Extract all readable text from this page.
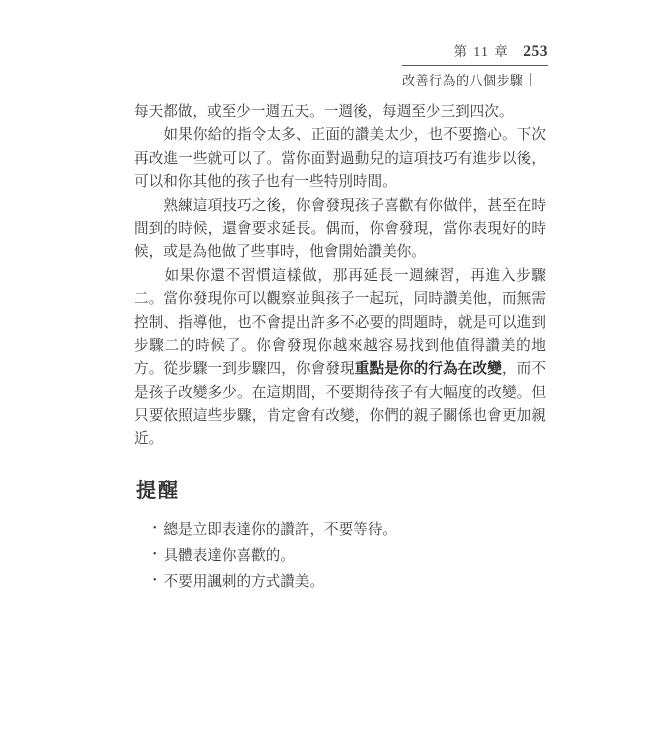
第 11 章 253
改善行為的八個步驟
每天都做，或至少一週五天。一週後，每週至少三到四次。
　　如果你給的指令太多、正面的讚美太少，也不要擔心。下次
再改進一些就可以了。當你面對過動兒的這項技巧有進步以後，
可以和你其他的孩子也有一些特別時間。
　　熟練這項技巧之後，你會發現孩子喜歡有你做伴，甚至在時
間到的時候，還會要求延長。偶而，你會發現，當你表現好的時
候，或是為他做了些事時，他會開始讚美你。
　　如果你還不習慣這樣做，那再延長一週練習，再進入步驟
二。當你發現你可以觀察並與孩子一起玩，同時讚美他，而無需
控制、指導他，也不會提出許多不必要的問題時，就是可以進到
步驟二的時候了。你會發現你越來越容易找到他值得讚美的地
方。從步驟一到步驟四，你會發現重點是你的行為在改變，而不
是孩子改變多少。在這期間，不要期待孩子有大幅度的改變。但
只要依照這些步驟，肯定會有改變，你們的親子關係也會更加親
近。
提醒
• 總是立即表達你的讚許，不要等待。
• 具體表達你喜歡的。
• 不要用諷刺的方式讚美。
